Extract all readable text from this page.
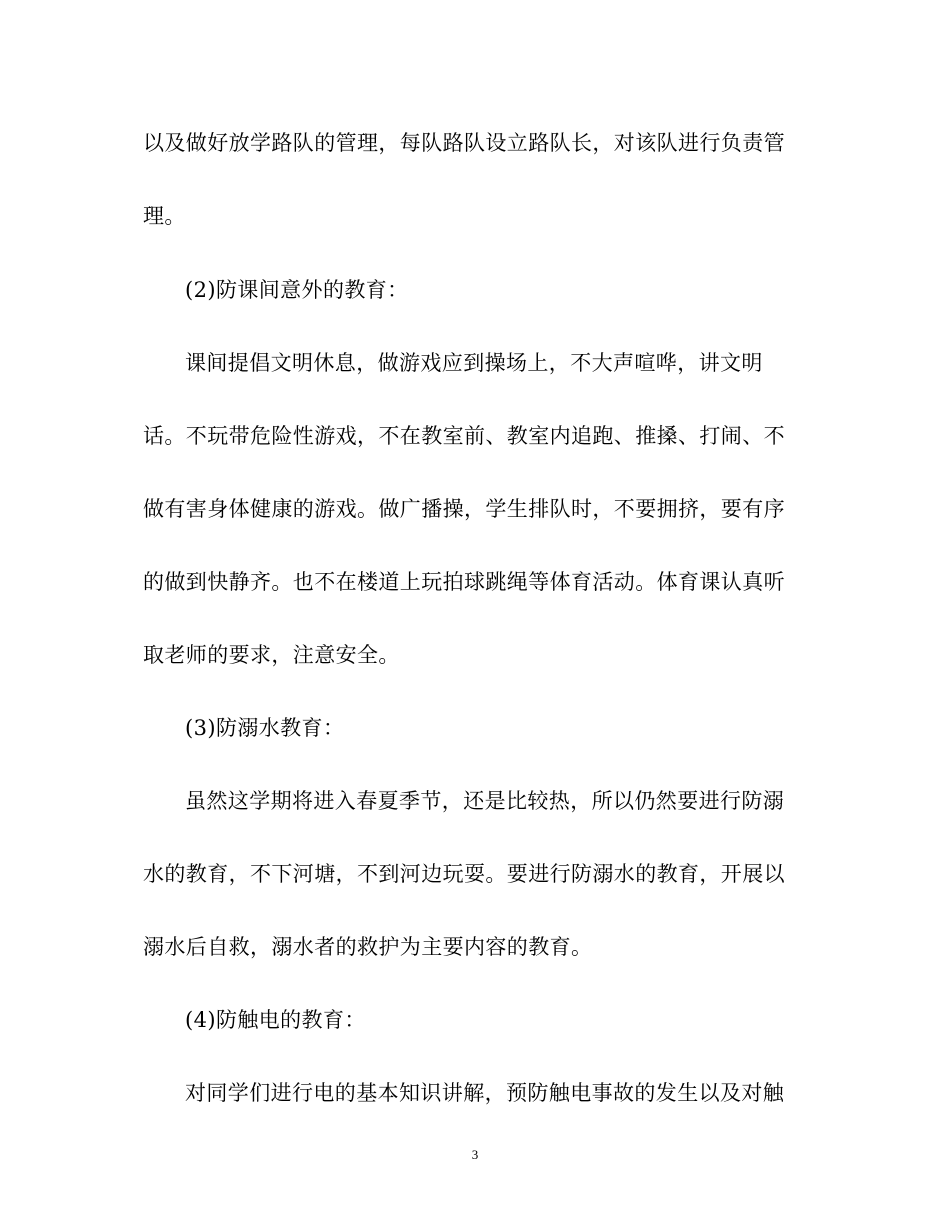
以及做好放学路队的管理，每队路队设立路队长，对该队进行负责管
理。
(2)防课间意外的教育：
课间提倡文明休息，做游戏应到操场上，不大声喧哗，讲文明
话。不玩带危险性游戏，不在教室前、教室内追跑、推搡、打闹、不
做有害身体健康的游戏。做广播操，学生排队时，不要拥挤，要有序
的做到快静齐。也不在楼道上玩拍球跳绳等体育活动。体育课认真听
取老师的要求，注意安全。
(3)防溺水教育：
虽然这学期将进入春夏季节，还是比较热，所以仍然要进行防溺
水的教育，不下河塘，不到河边玩耍。要进行防溺水的教育，开展以
溺水后自救，溺水者的救护为主要内容的教育。
(4)防触电的教育：
对同学们进行电的基本知识讲解，预防触电事故的发生以及对触
3
